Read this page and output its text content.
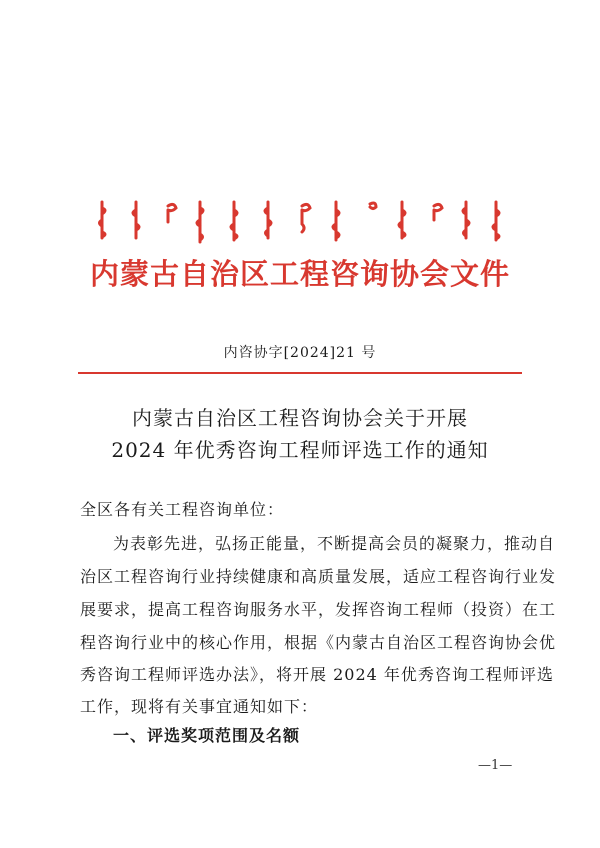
内蒙古自治区工程咨询协会文件
内咨协字[2024]21 号
内蒙古自治区工程咨询协会关于开展
2024 年优秀咨询工程师评选工作的通知
全区各有关工程咨询单位：
为表彰先进，弘扬正能量，不断提高会员的凝聚力，推动自
治区工程咨询行业持续健康和高质量发展，适应工程咨询行业发
展要求，提高工程咨询服务水平，发挥咨询工程师（投资）在工
程咨询行业中的核心作用，根据《内蒙古自治区工程咨询协会优
秀咨询工程师评选办法》，将开展 2024 年优秀咨询工程师评选
工作，现将有关事宜通知如下：
一、评选奖项范围及名额
—1—
